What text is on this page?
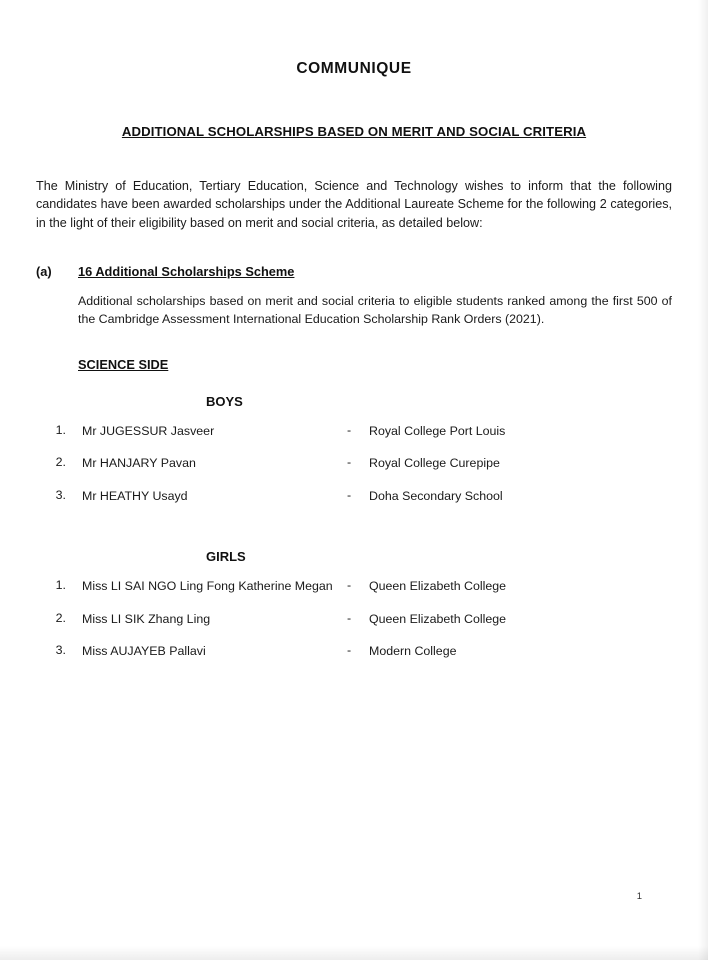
COMMUNIQUE
ADDITIONAL SCHOLARSHIPS BASED ON MERIT AND SOCIAL CRITERIA

The Ministry of Education, Tertiary Education, Science and Technology wishes to inform that the following candidates have been awarded scholarships under the Additional Laureate Scheme for the following 2 categories, in the light of their eligibility based on merit and social criteria, as detailed below:

(a)	16 Additional Scholarships Scheme

Additional scholarships based on merit and social criteria to eligible students ranked among the first 500 of the Cambridge Assessment International Education Scholarship Rank Orders (2021).

SCIENCE SIDE
BOYS
1.	Mr JUGESSUR Jasveer	-	Royal College Port Louis
2.	Mr HANJARY Pavan	-	Royal College Curepipe
3.	Mr HEATHY Usayd	-	Doha Secondary School
GIRLS
1.	Miss LI SAI NGO Ling Fong Katherine Megan	-	Queen Elizabeth College
2.	Miss LI SIK Zhang Ling	-	Queen Elizabeth College
3.	Miss AUJAYEB Pallavi	-	Modern College
1
